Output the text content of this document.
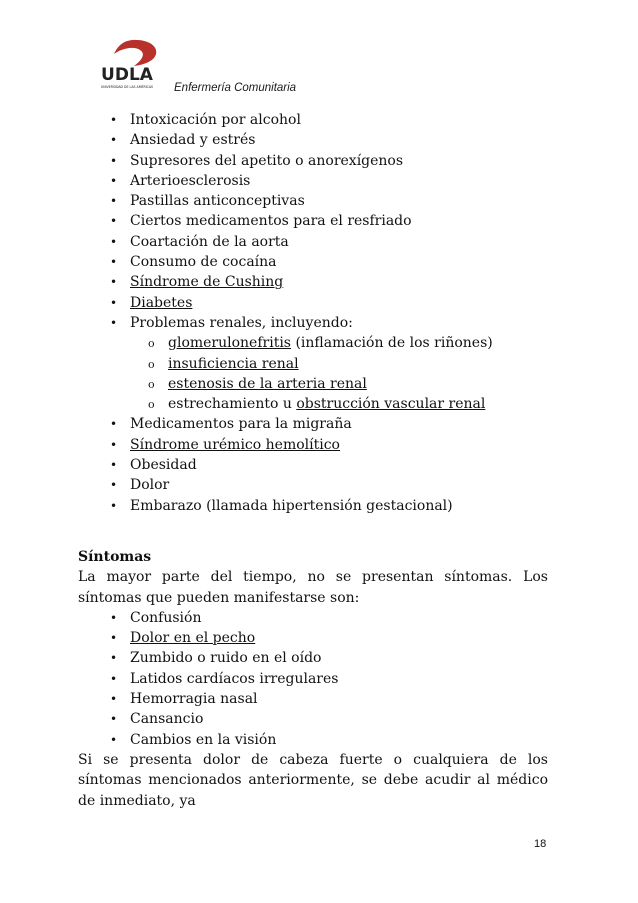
UDLA
UNIVERSIDAD DE LAS AMÉRICAS Enfermería Comunitaria
• Intoxicación por alcohol
• Ansiedad y estrés
• Supresores del apetito o anorexígenos
• Arterioesclerosis
• Pastillas anticonceptivas
• Ciertos medicamentos para el resfriado
• Coartación de la aorta
• Consumo de cocaína
• Síndrome de Cushing
• Diabetes
• Problemas renales, incluyendo:
o glomerulonefritis (inflamación de los riñones)
o insuficiencia renal
o estenosis de la arteria renal
o estrechamiento u obstrucción vascular renal
• Medicamentos para la migraña
• Síndrome urémico hemolítico
• Obesidad
• Dolor
• Embarazo (llamada hipertensión gestacional)
Síntomas
La mayor parte del tiempo, no se presentan síntomas. Los síntomas que pueden manifestarse son:
• Confusión
• Dolor en el pecho
• Zumbido o ruido en el oído
• Latidos cardíacos irregulares
• Hemorragia nasal
• Cansancio
• Cambios en la visión
Si se presenta dolor de cabeza fuerte o cualquiera de los síntomas mencionados anteriormente, se debe acudir al médico de inmediato, ya
18
